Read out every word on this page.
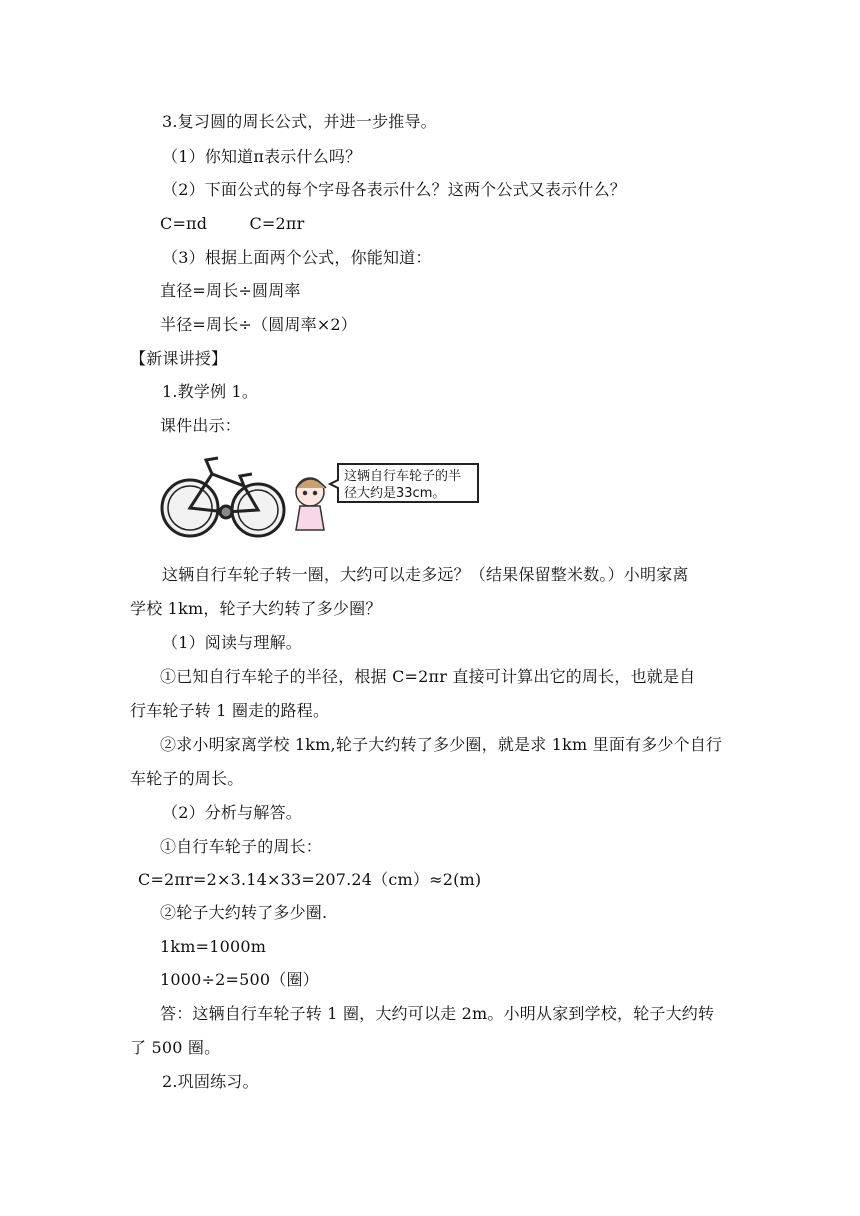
3.复习圆的周长公式，并进一步推导。
（1）你知道π表示什么吗？
（2）下面公式的每个字母各表示什么？这两个公式又表示什么？
C=πd        C=2πr
（3）根据上面两个公式，你能知道：
直径=周长÷圆周率
半径=周长÷（圆周率×2）
【新课讲授】
1.教学例 1。
课件出示：
这辆自行车轮子的半径大约是33cm。
这辆自行车轮子转一圈，大约可以走多远？（结果保留整米数。）小明家离
学校 1km，轮子大约转了多少圈？
（1）阅读与理解。
①已知自行车轮子的半径，根据 C=2πr 直接可计算出它的周长，也就是自
行车轮子转 1 圈走的路程。
②求小明家离学校 1km,轮子大约转了多少圈，就是求 1km 里面有多少个自行
车轮子的周长。
（2）分析与解答。
①自行车轮子的周长：
C=2πr=2×3.14×33=207.24（cm）≈2(m)
②轮子大约转了多少圈.
1km=1000m
1000÷2=500（圈）
答：这辆自行车轮子转 1 圈，大约可以走 2m。小明从家到学校，轮子大约转
了 500 圈。
2.巩固练习。
